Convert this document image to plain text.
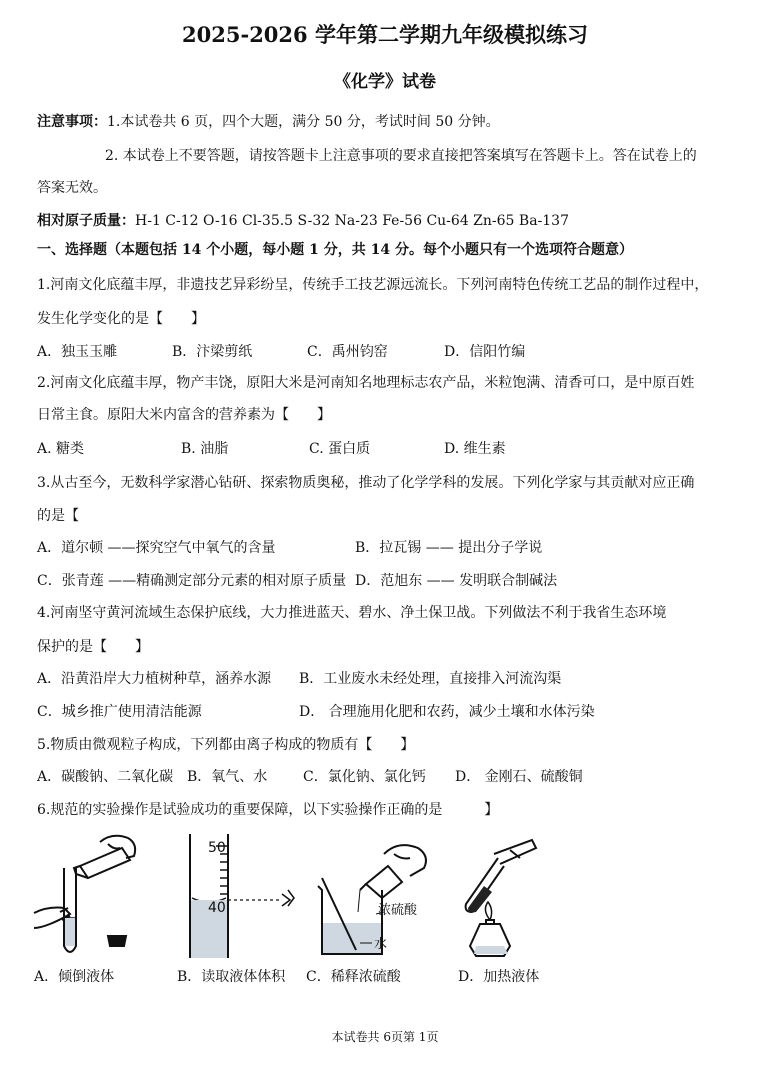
2025-2026 学年第二学期九年级模拟练习
《化学》试卷
注意事项：1.本试卷共 6 页，四个大题，满分 50 分，考试时间 50 分钟。
2. 本试卷上不要答题，请按答题卡上注意事项的要求直接把答案填写在答题卡上。答在试卷上的
答案无效。
相对原子质量：H-1 C-12 O-16 Cl-35.5 S-32 Na-23 Fe-56 Cu-64 Zn-65 Ba-137
一、选择题（本题包括 14 个小题，每小题 1 分，共 14 分。每个小题只有一个选项符合题意）
1.河南文化底蕴丰厚，非遗技艺异彩纷呈，传统手工技艺源远流长。下列河南特色传统工艺品的制作过程中，
发生化学变化的是【　　】
A．独玉玉雕	B．汴梁剪纸	C．禹州钧窑	D．信阳竹编
2.河南文化底蕴丰厚，物产丰饶，原阳大米是河南知名地理标志农产品，米粒饱满、清香可口，是中原百姓
日常主食。原阳大米内富含的营养素为【　　】
A. 糖类	B. 油脂	C. 蛋白质	D. 维生素
3.从古至今，无数科学家潜心钻研、探索物质奥秘，推动了化学学科的发展。下列化学家与其贡献对应正确
的是【
A．道尔顿 ——探究空气中氧气的含量	B．拉瓦锡 —— 提出分子学说
C．张青莲 ——精确测定部分元素的相对原子质量 D．范旭东 —— 发明联合制碱法
4.河南坚守黄河流域生态保护底线，大力推进蓝天、碧水、净土保卫战。下列做法不利于我省生态环境
保护的是【　　】
A．沿黄沿岸大力植树种草，涵养水源 B．工业废水未经处理，直接排入河流沟渠
C．城乡推广使用清洁能源	D． 合理施用化肥和农药，减少土壤和水体污染
5.物质由微观粒子构成，下列都由离子构成的物质有【　　】
A．碳酸钠、二氧化碳 B．氧气、水	C．氯化钠、氯化钙 D． 金刚石、硫酸铜
6.规范的实验操作是试验成功的重要保障，以下实验操作正确的是　　　】
50
40	浓硫酸
水
A．倾倒液体	B．读取液体体积 C．稀释浓硫酸	D．加热液体
本试卷共 6页第 1页
